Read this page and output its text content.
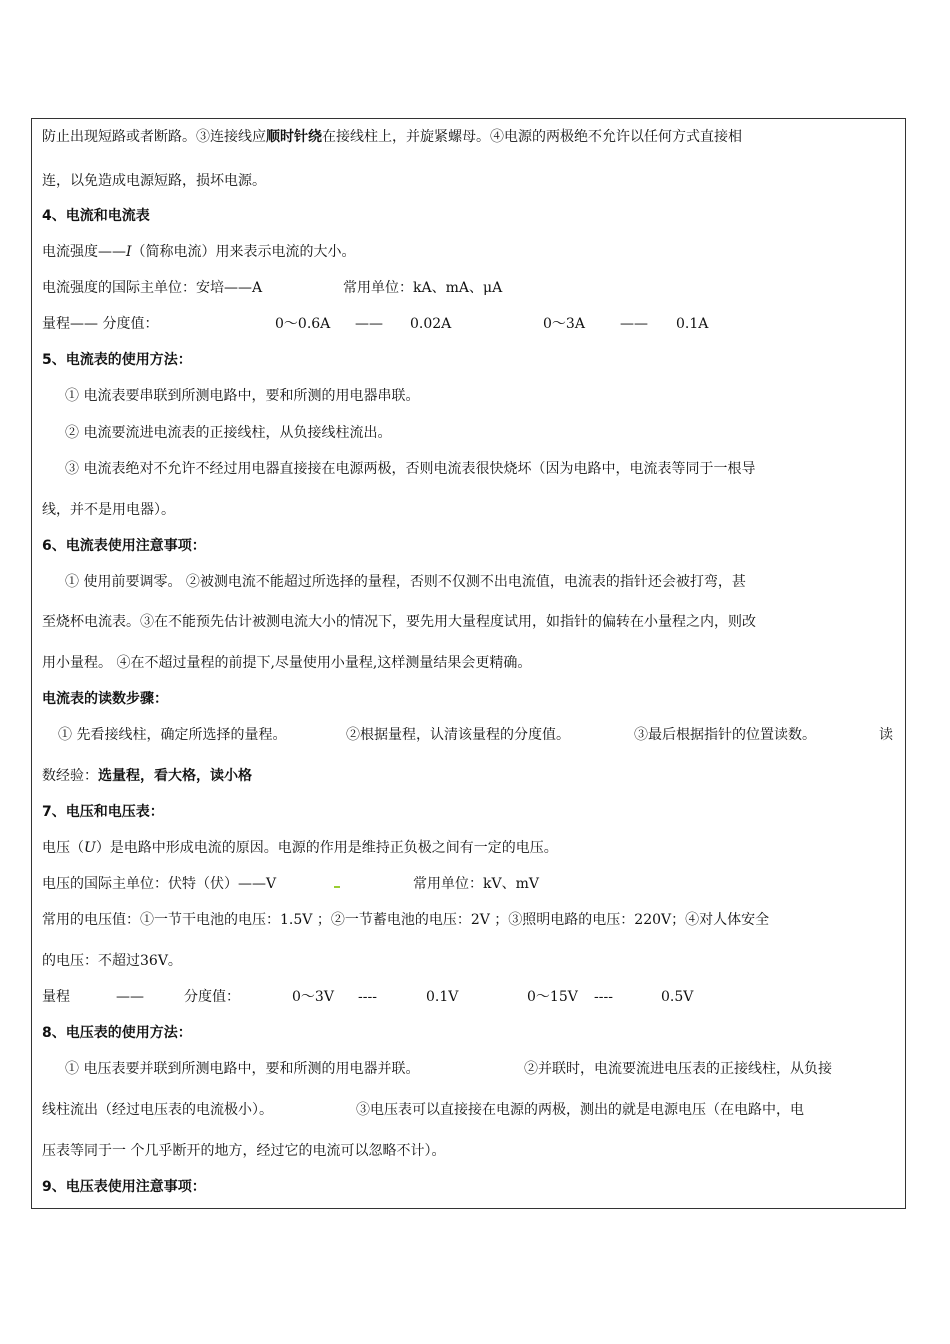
防止出现短路或者断路。③连接线应顺时针绕在接线柱上，并旋紧螺母。④电源的两极绝不允许以任何方式直接相
连，以免造成电源短路，损坏电源。
4、电流和电流表
电流强度——I（简称电流）用来表示电流的大小。
电流强度的国际主单位：安培——A	常用单位：kA、mA、μA
量程—— 分度值：	0～0.6A —— 0.02A	0～3A	—— 0.1A
5、电流表的使用方法：
① 电流表要串联到所测电路中，要和所测的用电器串联。
② 电流要流进电流表的正接线柱，从负接线柱流出。
③ 电流表绝对不允许不经过用电器直接接在电源两极，否则电流表很快烧坏（因为电路中，电流表等同于一根导
线，并不是用电器）。
6、电流表使用注意事项：
① 使用前要调零。 ②被测电流不能超过所选择的量程，否则不仅测不出电流值，电流表的指针还会被打弯，甚
至烧杯电流表。③在不能预先估计被测电流大小的情况下，要先用大量程度试用，如指针的偏转在小量程之内，则改
用小量程。 ④在不超过量程的前提下,尽量使用小量程,这样测量结果会更精确。
电流表的读数步骤：
① 先看接线柱，确定所选择的量程。	②根据量程，认清该量程的分度值。	③最后根据指针的位置读数。	读
数经验：选量程，看大格，读小格
7、电压和电压表：
电压（U）是电路中形成电流的原因。电源的作用是维持正负极之间有一定的电压。
电压的国际主单位：伏特（伏）——V	常用单位：kV、mV
常用的电压值：①一节干电池的电压：1.5V ；②一节蓄电池的电压：2V ；③照明电路的电压：220V；④对人体安全
的电压：不超过36V。
量程	——	分度值：	0～3V ----	0.1V	0～15V ----	0.5V
8、电压表的使用方法：
① 电压表要并联到所测电路中，要和所测的用电器并联。	②并联时，电流要流进电压表的正接线柱，从负接
线柱流出（经过电压表的电流极小）。	③电压表可以直接接在电源的两极，测出的就是电源电压（在电路中，电
压表等同于一 个几乎断开的地方，经过它的电流可以忽略不计）。
9、电压表使用注意事项：
